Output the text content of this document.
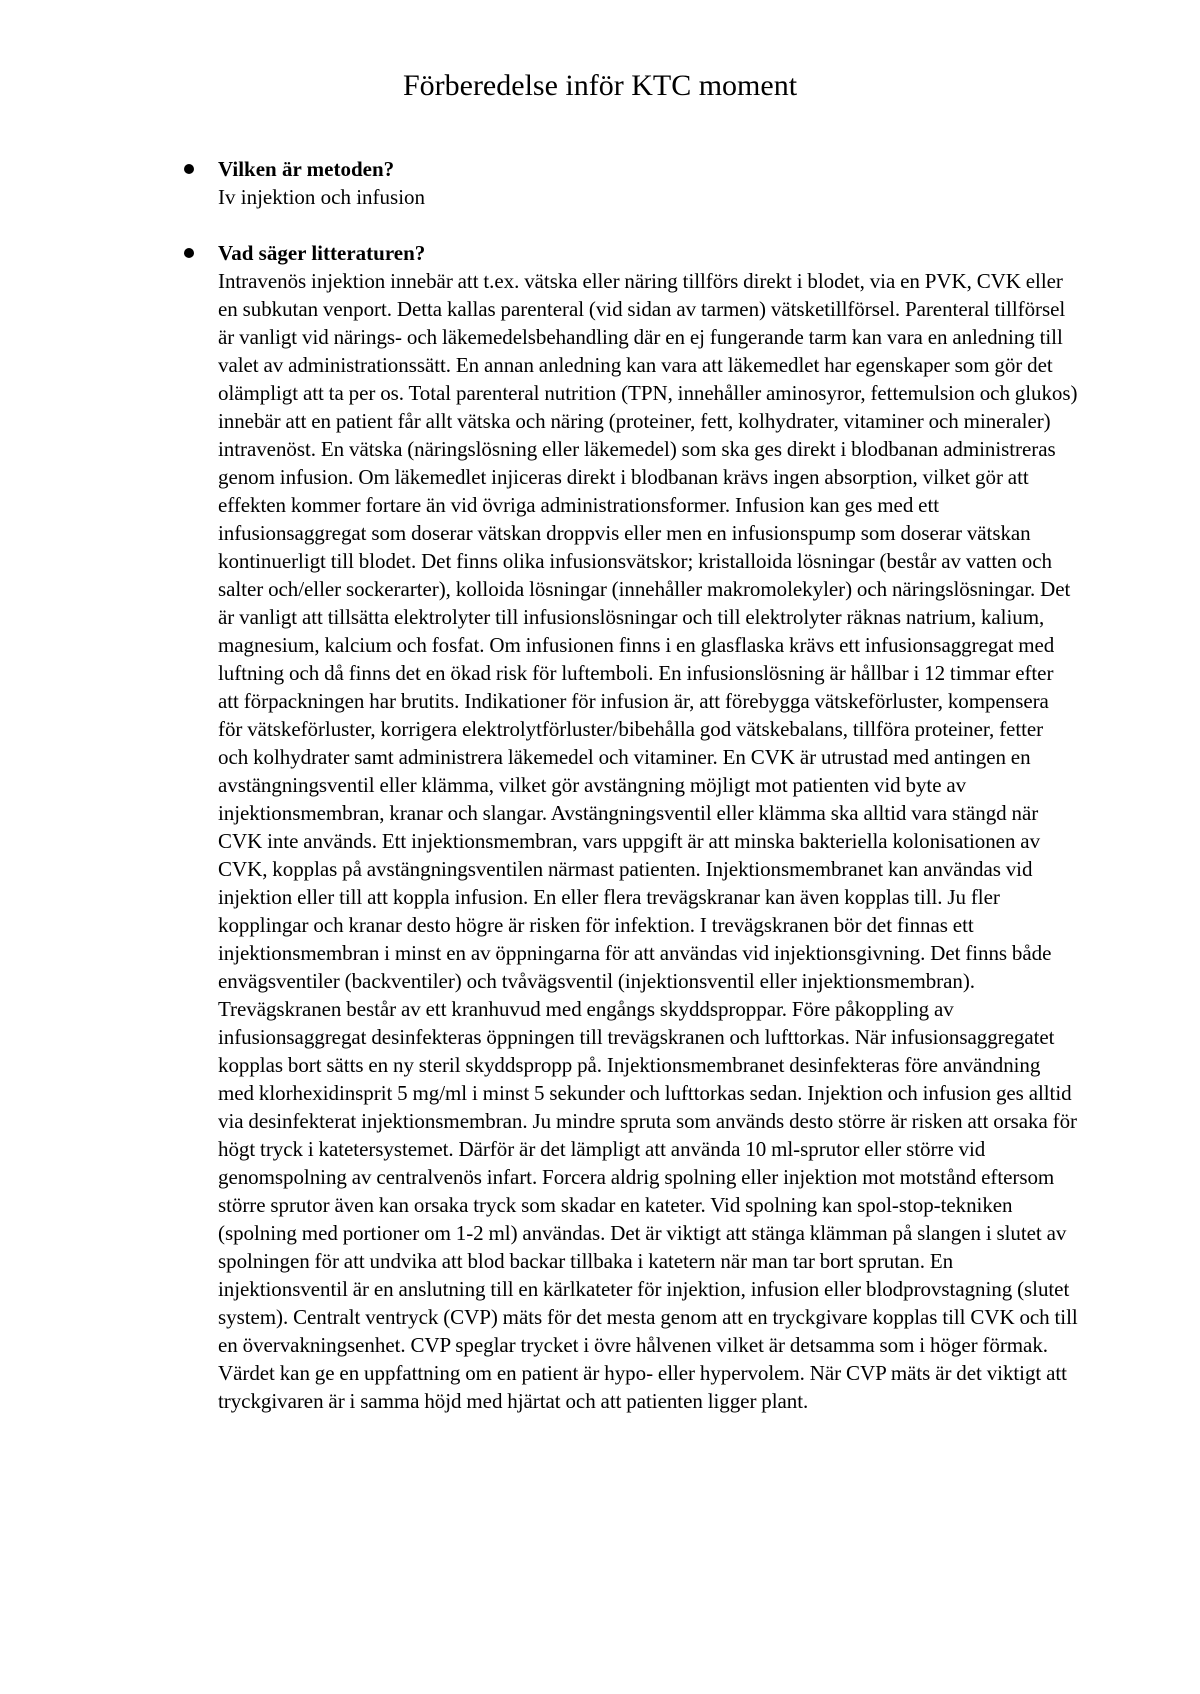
Förberedelse inför KTC moment

Vilken är metoden?

Iv injektion och infusion

Vad säger litteraturen?

Intravenös injektion innebär att t.ex. vätska eller näring tillförs direkt i blodet, via en PVK, CVK eller en subkutan venport. Detta kallas parenteral (vid sidan av tarmen) vätsketillförsel. Parenteral tillförsel är vanligt vid närings- och läkemedelsbehandling där en ej fungerande tarm kan vara en anledning till valet av administrationssätt. En annan anledning kan vara att läkemedlet har egenskaper som gör det olämpligt att ta per os. Total parenteral nutrition (TPN, innehåller aminosyror, fettemulsion och glukos) innebär att en patient får allt vätska och näring (proteiner, fett, kolhydrater, vitaminer och mineraler) intravenöst. En vätska (näringslösning eller läkemedel) som ska ges direkt i blodbanan administreras genom infusion. Om läkemedlet injiceras direkt i blodbanan krävs ingen absorption, vilket gör att effekten kommer fortare än vid övriga administrationsformer. Infusion kan ges med ett infusionsaggregat som doserar vätskan droppvis eller men en infusionspump som doserar vätskan kontinuerligt till blodet. Det finns olika infusionsvätskor; kristalloida lösningar (består av vatten och salter och/eller sockerarter), kolloida lösningar (innehåller makromolekyler) och näringslösningar. Det är vanligt att tillsätta elektrolyter till infusionslösningar och till elektrolyter räknas natrium, kalium, magnesium, kalcium och fosfat. Om infusionen finns i en glasflaska krävs ett infusionsaggregat med luftning och då finns det en ökad risk för luftemboli. En infusionslösning är hållbar i 12 timmar efter att förpackningen har brutits. Indikationer för infusion är, att förebygga vätskeförluster, kompensera för vätskeförluster, korrigera elektrolytförluster/bibehålla god vätskebalans, tillföra proteiner, fetter och kolhydrater samt administrera läkemedel och vitaminer. En CVK är utrustad med antingen en avstängningsventil eller klämma, vilket gör avstängning möjligt mot patienten vid byte av injektionsmembran, kranar och slangar. Avstängningsventil eller klämma ska alltid vara stängd när CVK inte används. Ett injektionsmembran, vars uppgift är att minska bakteriella kolonisationen av CVK, kopplas på avstängningsventilen närmast patienten. Injektionsmembranet kan användas vid injektion eller till att koppla infusion. En eller flera trevägskranar kan även kopplas till. Ju fler kopplingar och kranar desto högre är risken för infektion. I trevägskranen bör det finnas ett injektionsmembran i minst en av öppningarna för att användas vid injektionsgivning. Det finns både envägsventiler (backventiler) och tvåvägsventil (injektionsventil eller injektionsmembran). Trevägskranen består av ett kranhuvud med engångs skyddsproppar. Före påkoppling av infusionsaggregat desinfekteras öppningen till trevägskranen och lufttorkas. När infusionsaggregatet kopplas bort sätts en ny steril skyddspropp på. Injektionsmembranet desinfekteras före användning med klorhexidinsprit 5 mg/ml i minst 5 sekunder och lufttorkas sedan. Injektion och infusion ges alltid via desinfekterat injektionsmembran. Ju mindre spruta som används desto större är risken att orsaka för högt tryck i katetersystemet. Därför är det lämpligt att använda 10 ml-sprutor eller större vid genomspolning av centralvenös infart. Forcera aldrig spolning eller injektion mot motstånd eftersom större sprutor även kan orsaka tryck som skadar en kateter. Vid spolning kan spol-stop-tekniken (spolning med portioner om 1-2 ml) användas. Det är viktigt att stänga klämman på slangen i slutet av spolningen för att undvika att blod backar tillbaka i katetern när man tar bort sprutan. En injektionsventil är en anslutning till en kärlkateter för injektion, infusion eller blodprovstagning (slutet system). Centralt ventryck (CVP) mäts för det mesta genom att en tryckgivare kopplas till CVK och till en övervakningsenhet. CVP speglar trycket i övre hålvenen vilket är detsamma som i höger förmak. Värdet kan ge en uppfattning om en patient är hypo- eller hypervolem. När CVP mäts är det viktigt att tryckgivaren är i samma höjd med hjärtat och att patienten ligger plant.
